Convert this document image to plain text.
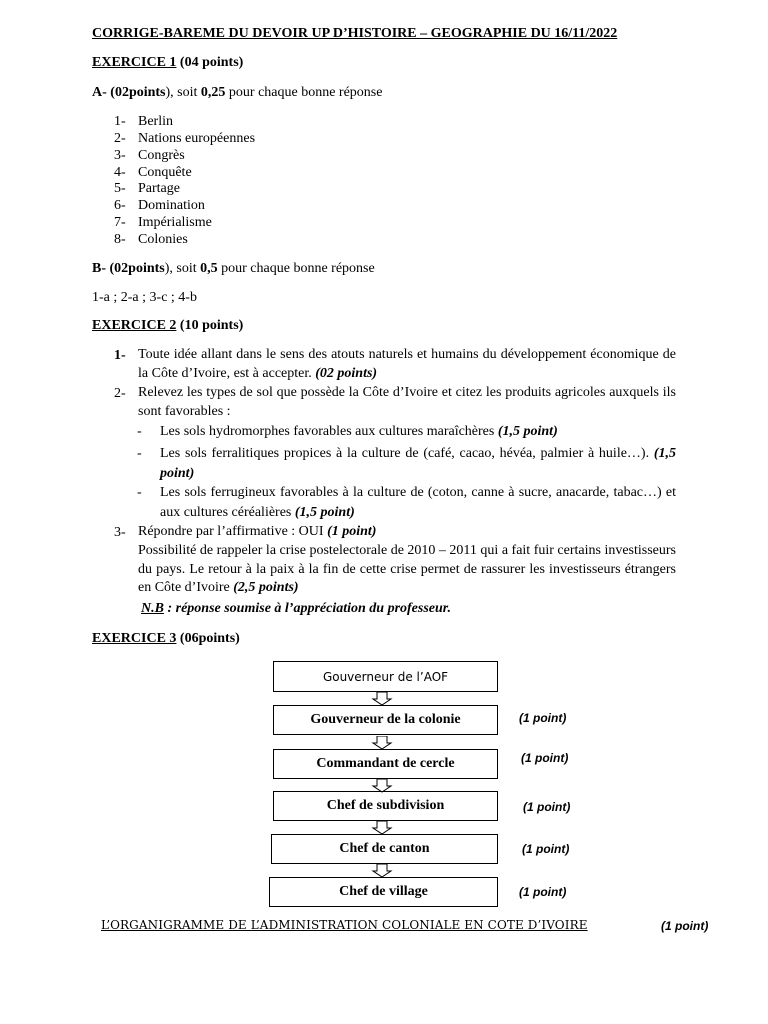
CORRIGE-BAREME DU DEVOIR UP D’HISTOIRE – GEOGRAPHIE DU 16/11/2022
EXERCICE 1 (04 points)
A- (02points), soit 0,25 pour chaque bonne réponse
1- Berlin
2- Nations européennes
3- Congrès
4- Conquête
5- Partage
6- Domination
7- Impérialisme
8- Colonies
B- (02points), soit 0,5 pour chaque bonne réponse
1-a ; 2-a ; 3-c ; 4-b
EXERCICE 2 (10 points)
1- Toute idée allant dans le sens des atouts naturels et humains du développement économique de la Côte d’Ivoire, est à accepter. (02 points)
2- Relevez les types de sol que possède la Côte d’Ivoire et citez les produits agricoles auxquels ils sont favorables :
- Les sols hydromorphes favorables aux cultures maraîchères (1,5 point)
- Les sols ferralitiques propices à la culture de (café, cacao, hévéa, palmier à huile…). (1,5 point)
- Les sols ferrugineux favorables à la culture de (coton, canne à sucre, anacarde, tabac…) et aux cultures céréalières (1,5 point)
3- Répondre par l’affirmative : OUI (1 point)
Possibilité de rappeler la crise postelectorale de 2010 – 2011 qui a fait fuir certains investisseurs du pays. Le retour à la paix à la fin de cette crise permet de rassurer les investisseurs étrangers en Côte d’Ivoire (2,5 points)
N.B : réponse soumise à l’appréciation du professeur.
EXERCICE 3 (06points)
Gouverneur de l’AOF
Gouverneur de la colonie
Commandant de cercle
Chef de subdivision
Chef de canton
Chef de village
(1 point)
(1 point)
(1 point)
(1 point)
(1 point)
L’ORGANIGRAMME DE L’ADMINISTRATION COLONIALE EN COTE D’IVOIRE	(1 point)
